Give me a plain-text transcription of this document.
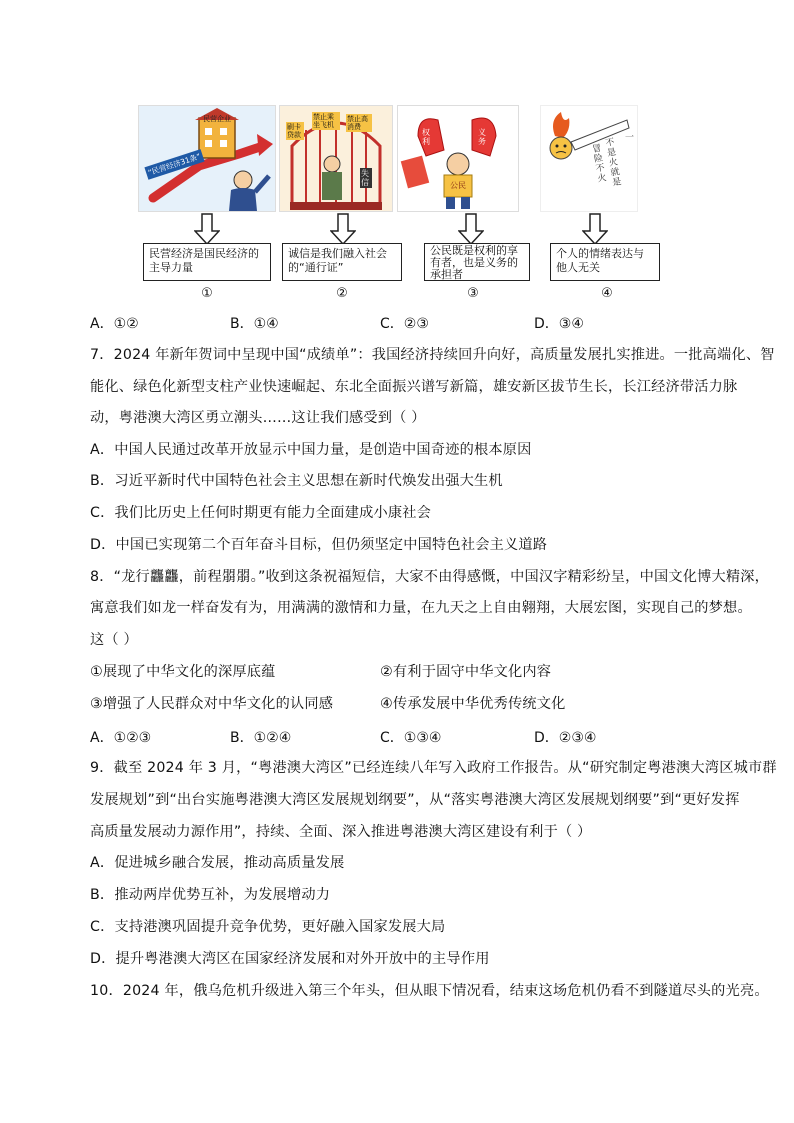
民营企业
“民营经济31条”
刷卡贷款
禁止乘坐飞机
禁止高消费
失信
权利
义务
公民
冒险不火
不是火就是
一
民营经济是国民经济的主导力量
诚信是我们融入社会的“通行证”
公民既是权利的享有者，也是义务的承担者
个人的情绪表达与他人无关
①	②	③	④
A．①②	B．①④	C．②③	D．③④
7．2024 年新年贺词中呈现中国“成绩单”：我国经济持续回升向好，高质量发展扎实推进。一批高端化、智
能化、绿色化新型支柱产业快速崛起、东北全面振兴谱写新篇，雄安新区拔节生长，长江经济带活力脉
动，粤港澳大湾区勇立潮头……这让我们感受到（ ）
A．中国人民通过改革开放显示中国力量，是创造中国奇迹的根本原因
B．习近平新时代中国特色社会主义思想在新时代焕发出强大生机
C．我们比历史上任何时期更有能力全面建成小康社会
D．中国已实现第二个百年奋斗目标，但仍须坚定中国特色社会主义道路
8．“龙行龘龘，前程朤朤。”收到这条祝福短信，大家不由得感慨，中国汉字精彩纷呈，中国文化博大精深，
寓意我们如龙一样奋发有为，用满满的激情和力量，在九天之上自由翱翔，大展宏图，实现自己的梦想。
这（ ）
①展现了中华文化的深厚底蕴	②有利于固守中华文化内容
③增强了人民群众对中华文化的认同感	④传承发展中华优秀传统文化
A．①②③	B．①②④	C．①③④	D．②③④
9．截至 2024 年 3 月，“粤港澳大湾区”已经连续八年写入政府工作报告。从“研究制定粤港澳大湾区城市群
发展规划”到“出台实施粤港澳大湾区发展规划纲要”，从“落实粤港澳大湾区发展规划纲要”到“更好发挥
高质量发展动力源作用”，持续、全面、深入推进粤港澳大湾区建设有利于（ ）
A．促进城乡融合发展，推动高质量发展
B．推动两岸优势互补，为发展增动力
C．支持港澳巩固提升竞争优势，更好融入国家发展大局
D．提升粤港澳大湾区在国家经济发展和对外开放中的主导作用
10．2024 年，俄乌危机升级进入第三个年头，但从眼下情况看，结束这场危机仍看不到隧道尽头的光亮。
